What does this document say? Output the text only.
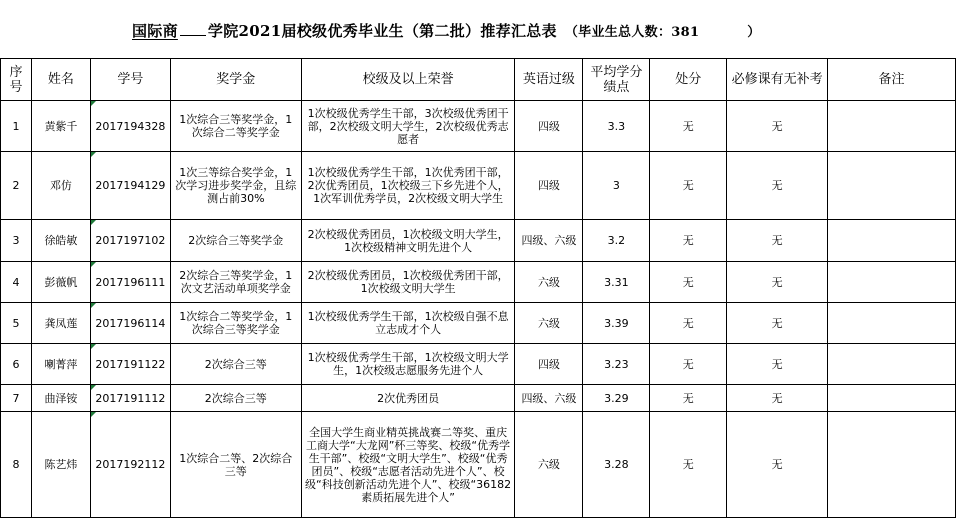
国际商 学院2021届校级优秀毕业生（第二批）推荐汇总表 （毕业生总人数：381	）
序号	姓名	学号	奖学金	校级及以上荣誉	英语过级	平均学分绩点	处分	必修课有无补考	备注
1	黄紫千	2017194328	1次综合三等奖学金，1次综合二等奖学金	1次校级优秀学生干部，3次校级优秀团干部，2次校级文明大学生，2次校级优秀志愿者	四级	3.3	无	无	
2	邓仿	2017194129	1次三等综合奖学金，1次学习进步奖学金，且综测占前30%	1次校级优秀学生干部，1次优秀团干部，2次优秀团员，1次校级三下乡先进个人，1次军训优秀学员，2次校级文明大学生	四级	3	无	无	
3	徐皓敏	2017197102	2次综合三等奖学金	2次校级优秀团员，1次校级文明大学生，1次校级精神文明先进个人	四级、六级	3.2	无	无	
4	彭薇帆	2017196111	2次综合三等奖学金，1次文艺活动单项奖学金	2次校级优秀团员，1次校级优秀团干部，1次校级文明大学生	六级	3.31	无	无	
5	龚凤莲	2017196114	1次综合二等奖学金，1次综合三等奖学金	1次校级优秀学生干部，1次校级自强不息立志成才个人	六级	3.39	无	无	
6	喇菁萍	2017191122	2次综合三等	1次校级优秀学生干部，1次校级文明大学生，1次校级志愿服务先进个人	四级	3.23	无	无	
7	曲泽铵	2017191112	2次综合三等	2次优秀团员	四级、六级	3.29	无	无	
8	陈艺炜	2017192112	1次综合二等、2次综合三等	全国大学生商业精英挑战赛二等奖、重庆工商大学“大龙网”杯三等奖、校级“优秀学生干部”、校级“文明大学生”、校级“优秀团员”、校级“志愿者活动先进个人”、校级“科技创新活动先进个人”、校级“36182素质拓展先进个人”	六级	3.28	无	无	
